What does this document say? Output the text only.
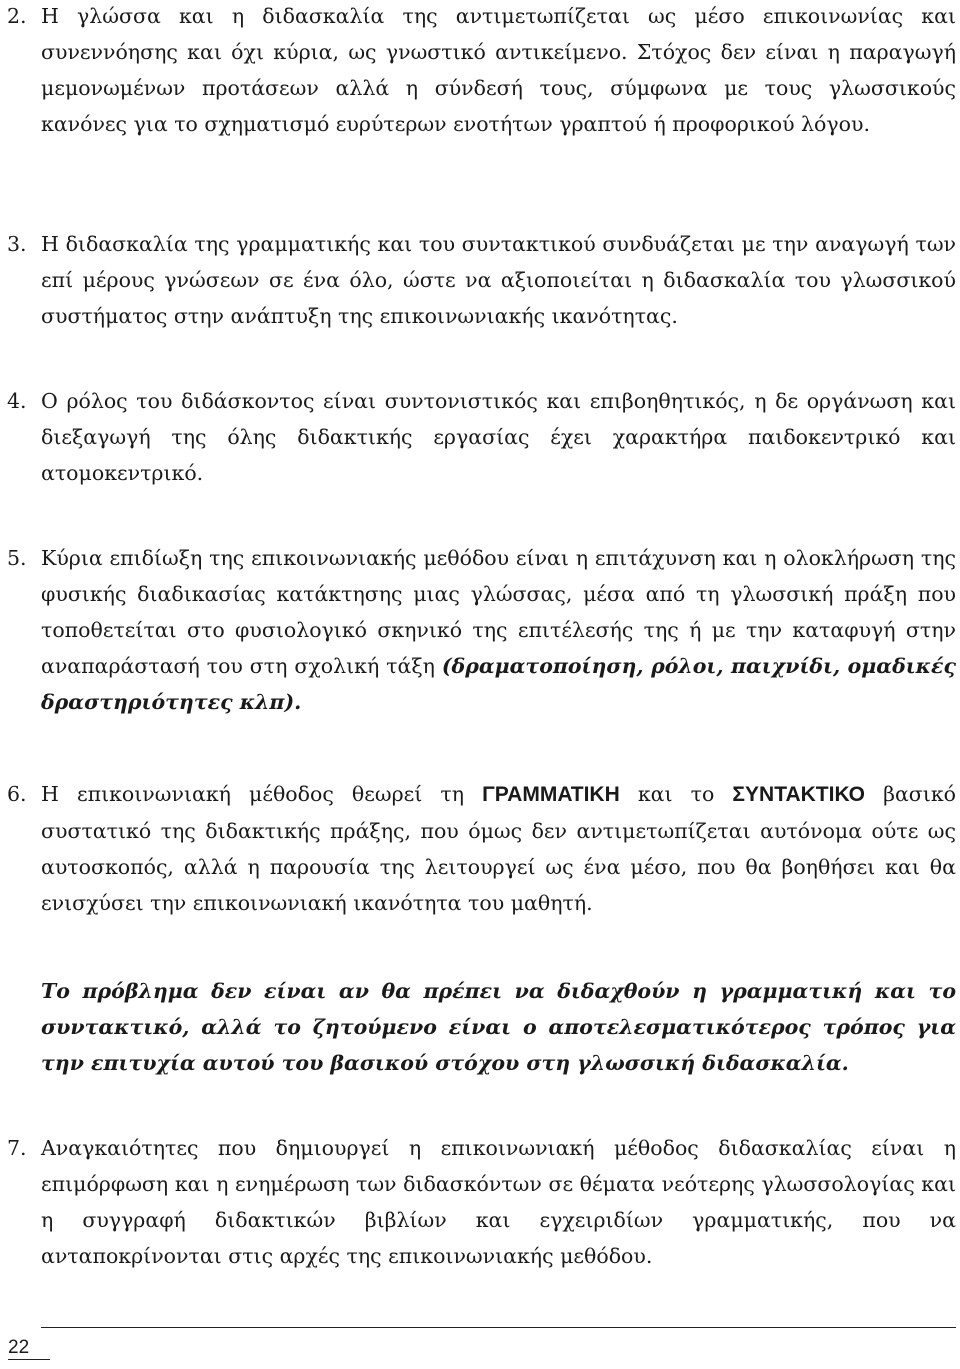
2. Η γλώσσα και η διδασκαλία της αντιμετωπίζεται ως μέσο επικοινωνίας και συνεννόησης και όχι κύρια, ως γνωστικό αντικείμενο. Στόχος δεν είναι η παραγωγή μεμονωμένων προτάσεων αλλά η σύνδεσή τους, σύμφωνα με τους γλωσσικούς κανόνες για το σχηματισμό ευρύτερων ενοτήτων γραπτού ή προφορικού λόγου.
3. Η διδασκαλία της γραμματικής και του συντακτικού συνδυάζεται με την αναγωγή των επί μέρους γνώσεων σε ένα όλο, ώστε να αξιοποιείται η διδασκαλία του γλωσσικού συστήματος στην ανάπτυξη της επικοινωνιακής ικανότητας.
4. Ο ρόλος του διδάσκοντος είναι συντονιστικός και επιβοηθητικός, η δε οργάνωση και διεξαγωγή της όλης διδακτικής εργασίας έχει χαρακτήρα παιδοκεντρικό και ατομοκεντρικό.
5. Κύρια επιδίωξη της επικοινωνιακής μεθόδου είναι η επιτάχυνση και η ολοκλήρωση της φυσικής διαδικασίας κατάκτησης μιας γλώσσας, μέσα από τη γλωσσική πράξη που τοποθετείται στο φυσιολογικό σκηνικό της επιτέλεσής της ή με την καταφυγή στην αναπαράστασή του στη σχολική τάξη (δραματοποίηση, ρόλοι, παιχνίδι, ομαδικές δραστηριότητες κλπ).
6. Η επικοινωνιακή μέθοδος θεωρεί τη ΓΡΑΜΜΑΤΙΚΗ και το ΣΥΝΤΑΚΤΙΚΟ βασικό συστατικό της διδακτικής πράξης, που όμως δεν αντιμετωπίζεται αυτόνομα ούτε ως αυτοσκοπός, αλλά η παρουσία της λειτουργεί ως ένα μέσο, που θα βοηθήσει και θα ενισχύσει την επικοινωνιακή ικανότητα του μαθητή.
Το πρόβλημα δεν είναι αν θα πρέπει να διδαχθούν η γραμματική και το συντακτικό, αλλά το ζητούμενο είναι ο αποτελεσματικότερος τρόπος για την επιτυχία αυτού του βασικού στόχου στη γλωσσική διδασκαλία.
7. Αναγκαιότητες που δημιουργεί η επικοινωνιακή μέθοδος διδασκαλίας είναι η επιμόρφωση και η ενημέρωση των διδασκόντων σε θέματα νεότερης γλωσσολογίας και η συγγραφή διδακτικών βιβλίων και εγχειριδίων γραμματικής, που να ανταποκρίνονται στις αρχές της επικοινωνιακής μεθόδου.
22
